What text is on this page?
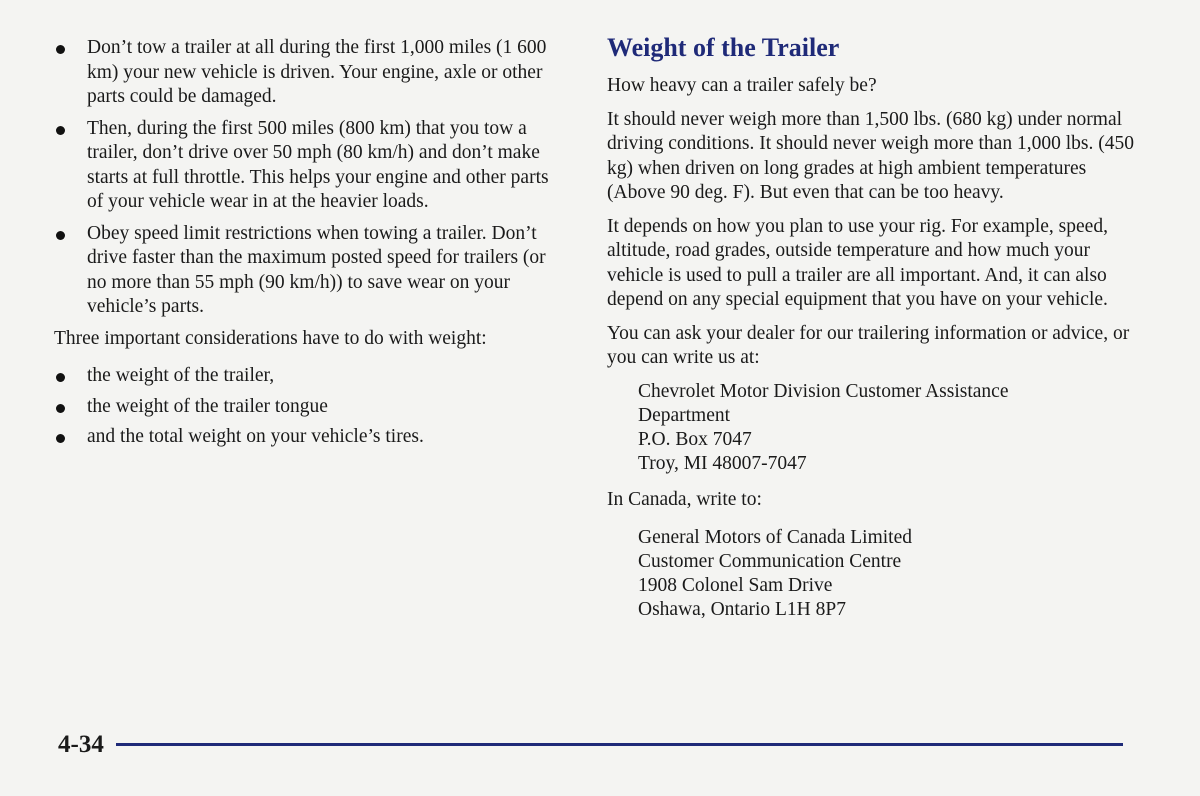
Don’t tow a trailer at all during the first 1,000 miles (1 600 km) your new vehicle is driven. Your engine, axle or other parts could be damaged.
Then, during the first 500 miles (800 km) that you tow a trailer, don’t drive over 50 mph (80 km/h) and don’t make starts at full throttle. This helps your engine and other parts of your vehicle wear in at the heavier loads.
Obey speed limit restrictions when towing a trailer. Don’t drive faster than the maximum posted speed for trailers (or no more than 55 mph (90 km/h)) to save wear on your vehicle’s parts.

Three important considerations have to do with weight:

the weight of the trailer,
the weight of the trailer tongue
and the total weight on your vehicle’s tires.
Weight of the Trailer

How heavy can a trailer safely be?

It should never weigh more than 1,500 lbs. (680 kg) under normal driving conditions. It should never weigh more than 1,000 lbs. (450 kg) when driven on long grades at high ambient temperatures (Above 90 deg. F). But even that can be too heavy.

It depends on how you plan to use your rig. For example, speed, altitude, road grades, outside temperature and how much your vehicle is used to pull a trailer are all important. And, it can also depend on any special equipment that you have on your vehicle.

You can ask your dealer for our trailering information or advice, or you can write us at:

Chevrolet Motor Division Customer Assistance
Department
P.O. Box 7047
Troy, MI 48007-7047

In Canada, write to:

General Motors of Canada Limited
Customer Communication Centre
1908 Colonel Sam Drive
Oshawa, Ontario L1H 8P7
4-34
